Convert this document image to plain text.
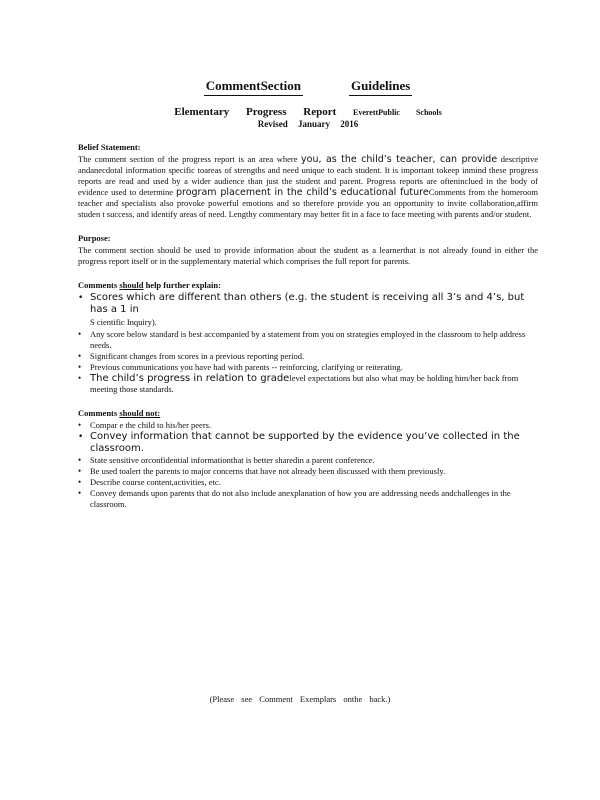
CommentSection	Guidelines
Elementary Progress Report EverettPublic Schools
Revised January 2016
Belief Statement:
The comment section of the progress report is an area where you, as the child’s teacher, can provide descriptive andanecdotal information specific toareas of strengths and need unique to each student. It is important tokeep inmind these progress reports are read and used by a wider audience than just the student and parent. Progress reports are ofteninclued in the body of evidence used to determine program placement in the child’s educational futureComments from the homeroom teacher and specialists also provoke powerful emotions and so therefore provide you an opportunity to invite collaboration,affirm studen t success, and identify areas of need. Lengthy commentary may better fit in a face to face meeting with parents and/or student.
Purpose:
The comment section should be used to provide information about the student as a learnerthat is not already found in either the progress report itself or in the supplementary material which comprises the full report for parents.
Comments should help further explain:
• Scores which are different than others (e.g. the student is receiving all 3’s and 4’s, but has a 1 in
S cientific Inquiry).
• Any score below standard is best accompanied by a statement from you on strategies employed in the classroom to help address needs.
• Significant changes from scores in a previous reporting period.
• Previous communications you have had with parents -- reinforcing, clarifying or reiterating.
• The child’s progress in relation to gradelevel expectations but also what may be holding him/her back from meeting those standards.
Comments should not:
• Compar e the child to his/her peers.
• Convey information that cannot be supported by the evidence you’ve collected in the classroom.
• State sensitive orconfidential informationthat is better sharedin a parent conference.
• Be used toalert the parents to major concerns that have not already been discussed with them previously.
• Describe course content,activities, etc.
• Convey demands upon parents that do not also include anexplanation of how you are addressing needs andchallenges in the classroom.
(Please see Comment Exemplars onthe back.)
